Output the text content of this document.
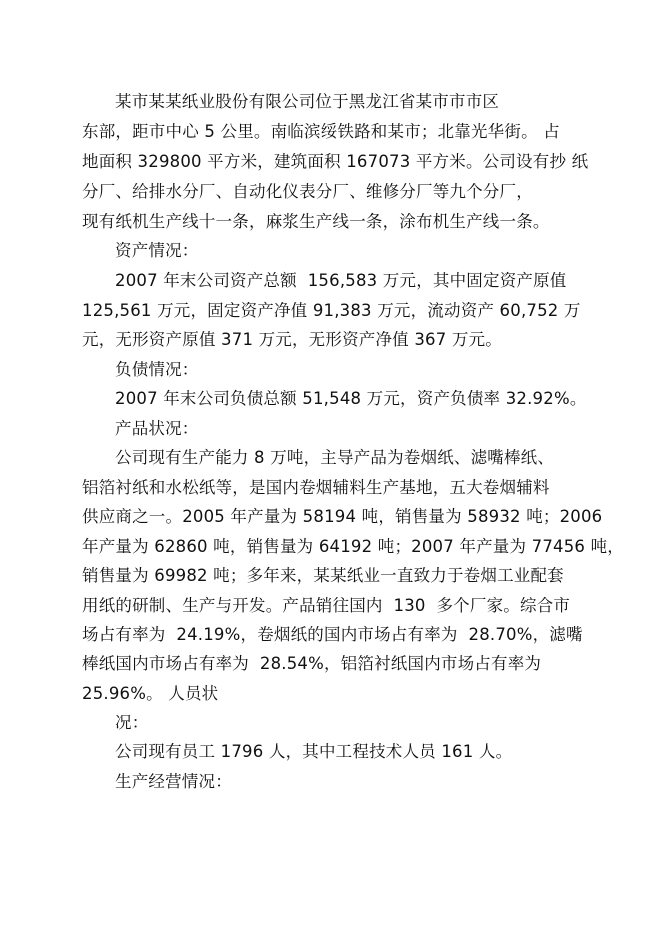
某市某某纸业股份有限公司位于黑龙江省某市市市区
东部，距市中心 5 公里。南临滨绥铁路和某市；北靠光华街。 占
地面积 329800 平方米，建筑面积 167073 平方米。公司设有抄 纸
分厂、给排水分厂、自动化仪表分厂、维修分厂等九个分厂，
现有纸机生产线十一条，麻浆生产线一条，涂布机生产线一条。
资产情况：
2007 年末公司资产总额  156,583 万元，其中固定资产原值
125,561 万元，固定资产净值 91,383 万元，流动资产 60,752 万
元，无形资产原值 371 万元，无形资产净值 367 万元。
负债情况：
2007 年末公司负债总额 51,548 万元，资产负债率 32.92%。
产品状况：
公司现有生产能力 8 万吨，主导产品为卷烟纸、滤嘴棒纸、
铝箔衬纸和水松纸等，是国内卷烟辅料生产基地，五大卷烟辅料
供应商之一。2005 年产量为 58194 吨，销售量为 58932 吨；2006
年产量为 62860 吨，销售量为 64192 吨；2007 年产量为 77456 吨，
销售量为 69982 吨；多年来，某某纸业一直致力于卷烟工业配套
用纸的研制、生产与开发。产品销往国内  130  多个厂家。综合市
场占有率为  24.19%，卷烟纸的国内市场占有率为  28.70%，滤嘴
棒纸国内市场占有率为  28.54%，铝箔衬纸国内市场占有率为
25.96%。 人员状
况：
公司现有员工 1796 人，其中工程技术人员 161 人。
生产经营情况：
